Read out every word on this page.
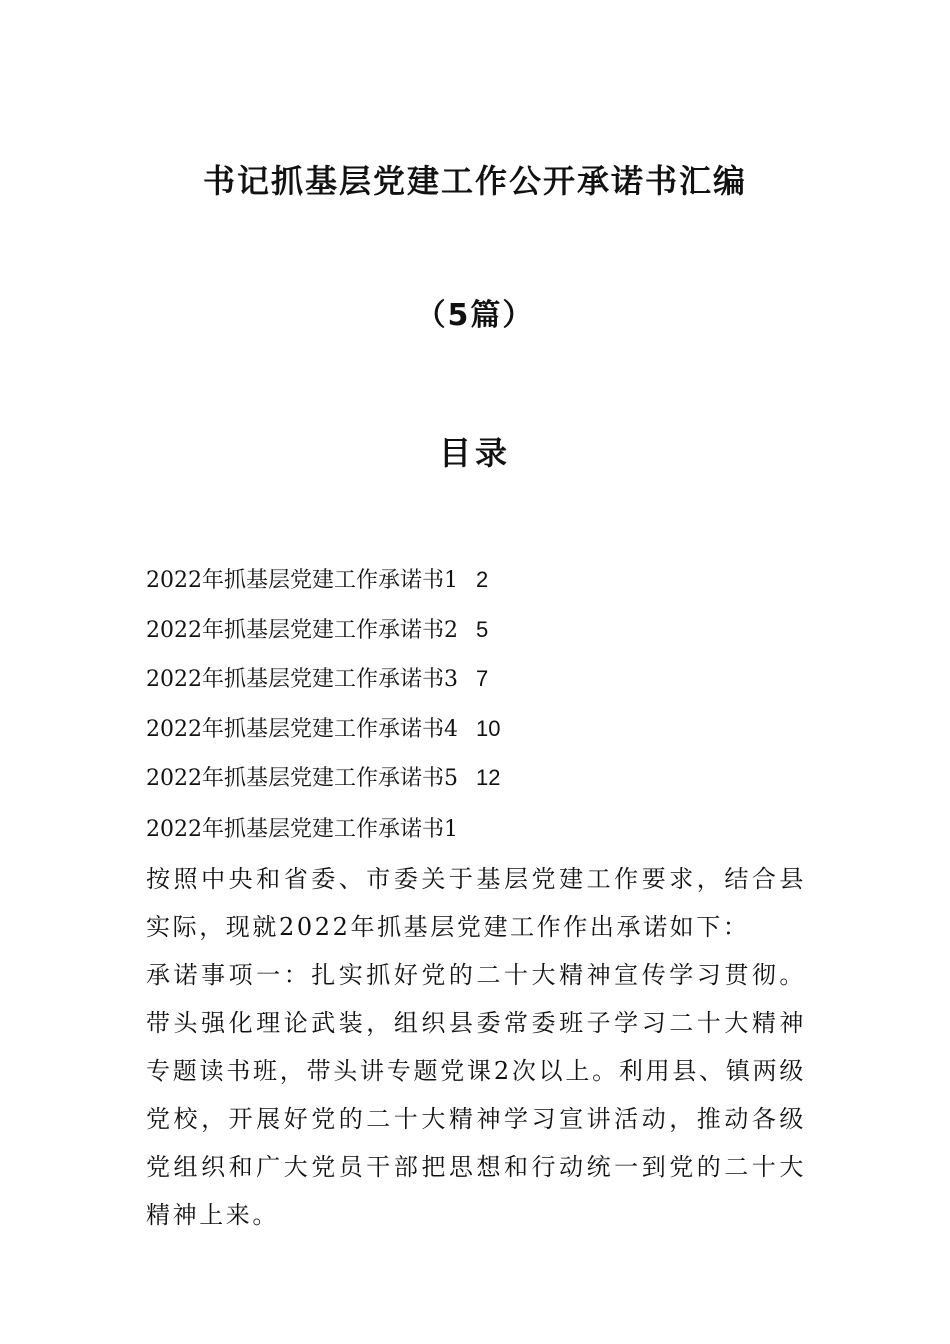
书记抓基层党建工作公开承诺书汇编
（5篇）
目录
2022年抓基层党建工作承诺书1 2
2022年抓基层党建工作承诺书2 5
2022年抓基层党建工作承诺书3 7
2022年抓基层党建工作承诺书4 10
2022年抓基层党建工作承诺书5 12
2022年抓基层党建工作承诺书1

按照中央和省委、市委关于基层党建工作要求，结合县实际，现就2022年抓基层党建工作作出承诺如下：

承诺事项一：扎实抓好党的二十大精神宣传学习贯彻。带头强化理论武装，组织县委常委班子学习二十大精神专题读书班，带头讲专题党课2次以上。利用县、镇两级党校，开展好党的二十大精神学习宣讲活动，推动各级党组织和广大党员干部把思想和行动统一到党的二十大精神上来。
